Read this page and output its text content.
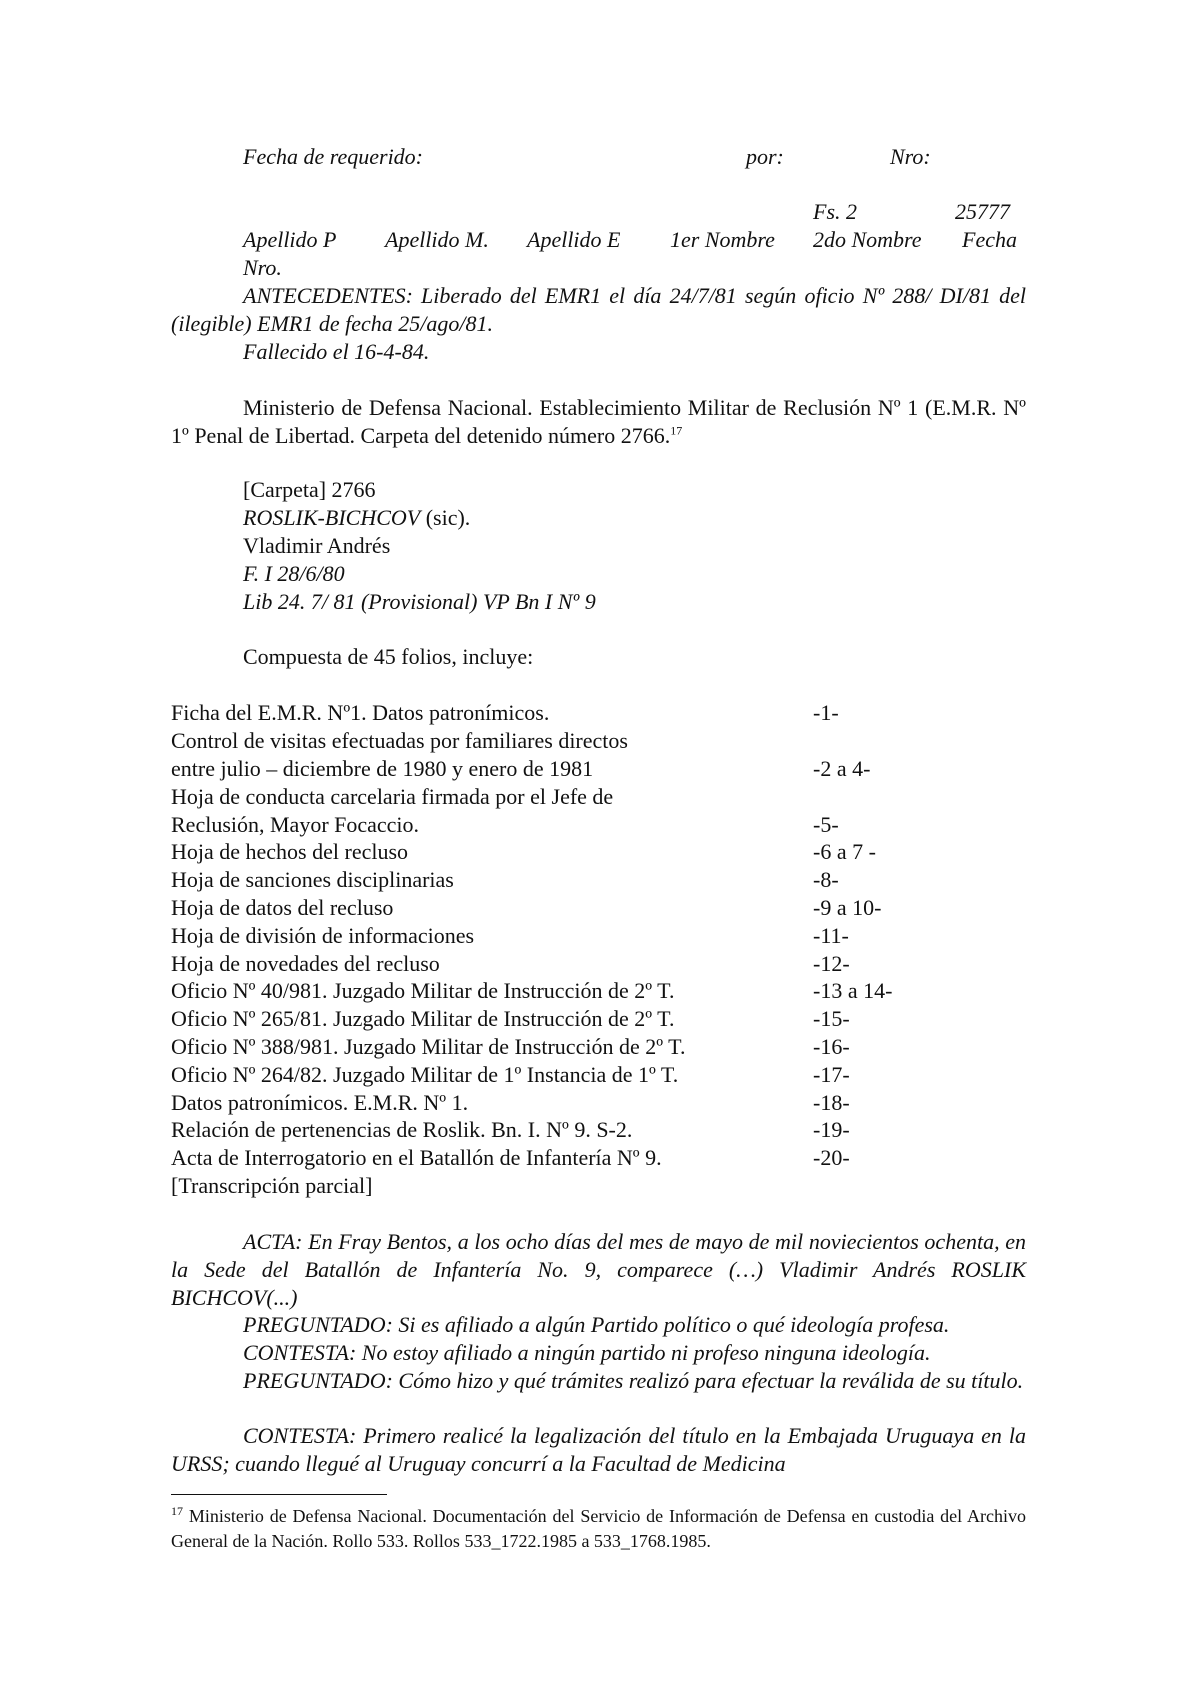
Fecha de requerido:	por:	Nro:
Fs. 2	25777
Apellido P Apellido M. Apellido E 1er Nombre 2do Nombre Fecha
Nro.
ANTECEDENTES: Liberado del EMR1 el día 24/7/81 según oficio Nº 288/ DI/81 del (ilegible) EMR1 de fecha 25/ago/81.
Fallecido el 16-4-84.
Ministerio de Defensa Nacional. Establecimiento Militar de Reclusión Nº 1 (E.M.R. Nº 1º Penal de Libertad. Carpeta del detenido número 2766.17
[Carpeta] 2766
ROSLIK-BICHCOV (sic).
Vladimir Andrés
F. I 28/6/80
Lib 24. 7/ 81 (Provisional) VP Bn I Nº 9
Compuesta de 45 folios, incluye:
Ficha del E.M.R. Nº1. Datos patronímicos.	-1-
Control de visitas efectuadas por familiares directos
entre julio – diciembre de 1980 y enero de 1981	-2 a 4-
Hoja de conducta carcelaria firmada por el Jefe de
Reclusión, Mayor Focaccio.	-5-
Hoja de hechos del recluso	-6 a 7 -
Hoja de sanciones disciplinarias	-8-
Hoja de datos del recluso	-9 a 10-
Hoja de división de informaciones	-11-
Hoja de novedades del recluso	-12-
Oficio Nº 40/981. Juzgado Militar de Instrucción de 2º T.	-13 a 14-
Oficio Nº 265/81. Juzgado Militar de Instrucción de 2º T.	-15-
Oficio Nº 388/981. Juzgado Militar de Instrucción de 2º T.	-16-
Oficio Nº 264/82. Juzgado Militar de 1º Instancia de 1º T.	-17-
Datos patronímicos. E.M.R. Nº 1.	-18-
Relación de pertenencias de Roslik. Bn. I. Nº 9. S-2.	-19-
Acta de Interrogatorio en el Batallón de Infantería Nº 9.	-20-
[Transcripción parcial]
ACTA: En Fray Bentos, a los ocho días del mes de mayo de mil noviecientos ochenta, en la Sede del Batallón de Infantería No. 9, comparece (…) Vladimir Andrés ROSLIK BICHCOV(...)
PREGUNTADO: Si es afiliado a algún Partido político o qué ideología profesa.
CONTESTA: No estoy afiliado a ningún partido ni profeso ninguna ideología.
PREGUNTADO: Cómo hizo y qué trámites realizó para efectuar la reválida de su título.
CONTESTA: Primero realicé la legalización del título en la Embajada Uruguaya en la URSS; cuando llegué al Uruguay concurrí a la Facultad de Medicina
$^{17}$ Ministerio de Defensa Nacional. Documentación del Servicio de Información de Defensa en custodia del Archivo General de la Nación. Rollo 533. Rollos 533_1722.1985 a 533_1768.1985.
